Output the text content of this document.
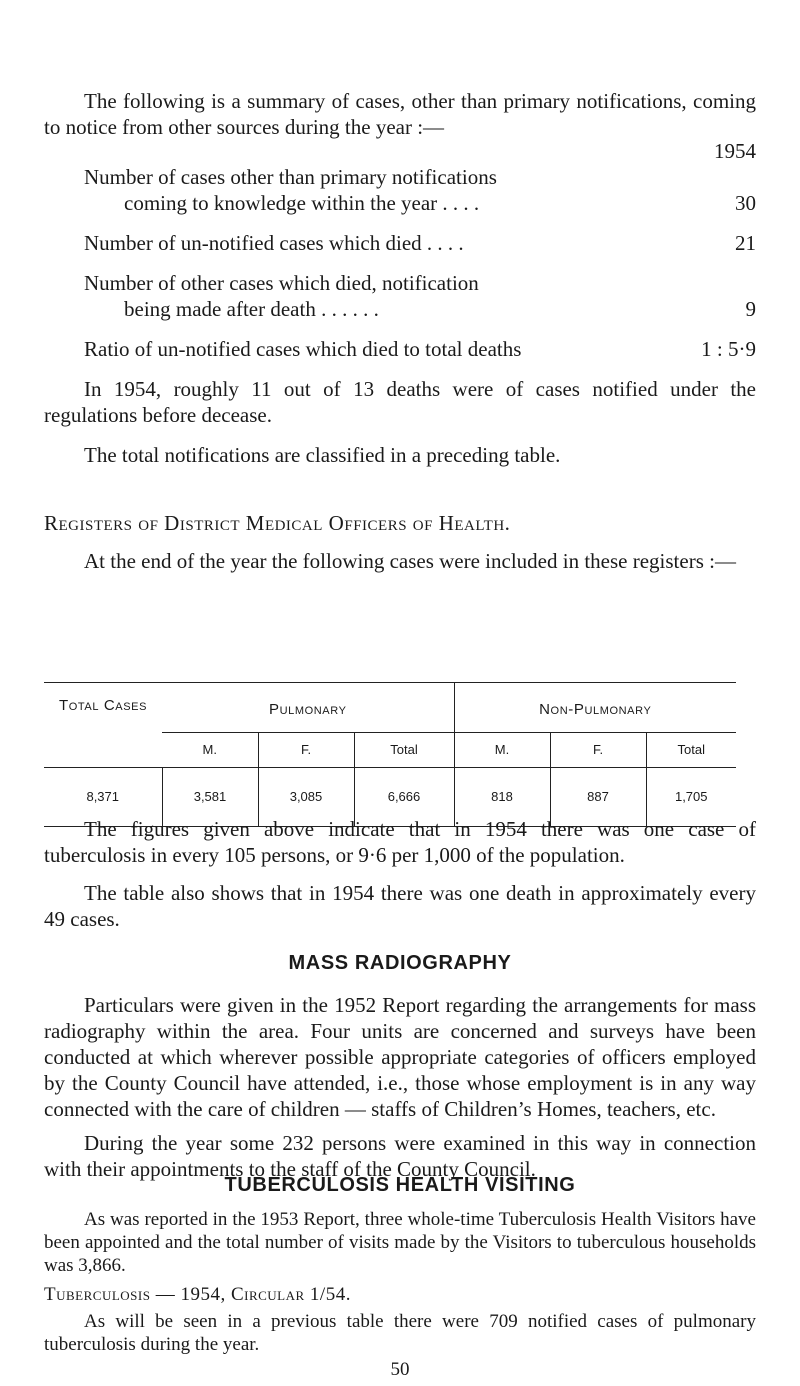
The following is a summary of cases, other than primary notifications, coming to notice from other sources during the year :—

1954

Number of cases other than primary notifications

coming to knowledge within the year . . . .	30

Number of un-notified cases which died . . . .	21

Number of other cases which died, notification

being made after death . . . . . .	9

Ratio of un-notified cases which died to total deaths	1 : 5·9

In 1954, roughly 11 out of 13 deaths were of cases notified under the regulations before decease.

The total notifications are classified in a preceding table.

Registers of District Medical Officers of Health.

At the end of the year the following cases were included in these registers :—

Total Cases	Pulmonary			Non-Pulmonary		
	M.	F.	Total	M.	F.	Total
8,371	3,581	3,085	6,666	818	887	1,705

The figures given above indicate that in 1954 there was one case of tuberculosis in every 105 persons, or 9·6 per 1,000 of the population.

The table also shows that in 1954 there was one death in approximately every 49 cases.

MASS RADIOGRAPHY

Particulars were given in the 1952 Report regarding the arrangements for mass radiography within the area. Four units are concerned and surveys have been conducted at which wherever possible appropriate categories of officers employed by the County Council have attended, i.e., those whose employment is in any way connected with the care of children — staffs of Children’s Homes, teachers, etc.

During the year some 232 persons were examined in this way in connection with their appointments to the staff of the County Council.

TUBERCULOSIS HEALTH VISITING

As was reported in the 1953 Report, three whole-time Tuberculosis Health Visitors have been appointed and the total number of visits made by the Visitors to tuberculous households was 3,866.

50

Tuberculosis — 1954, Circular 1/54.

As will be seen in a previous table there were 709 notified cases of pulmonary tuberculosis during the year.
